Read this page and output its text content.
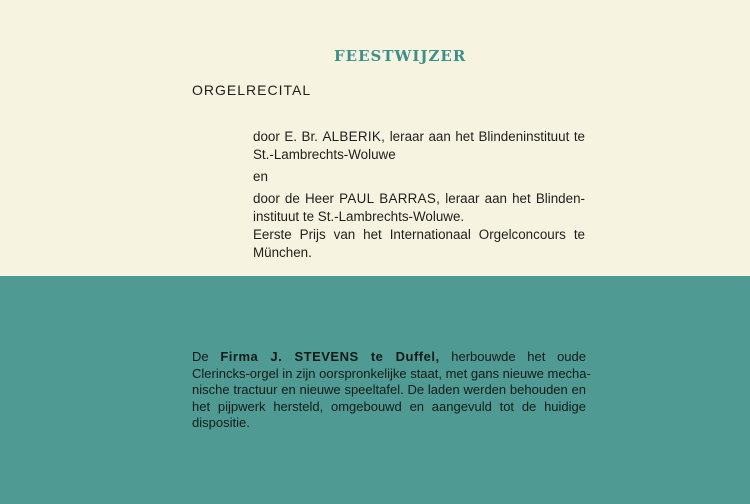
FEESTWIJZER
ORGELRECITAL
door E. Br. ALBERIK, leraar aan het Blindeninstituut te
St.-Lambrechts-Woluwe
en
door de Heer PAUL BARRAS, leraar aan het Blinden-
instituut te St.-Lambrechts-Woluwe.
Eerste Prijs van het Internationaal Orgelconcours te
München.
De Firma J. STEVENS te Duffel, herbouwde het oude
Clerincks-orgel in zijn oorspronkelijke staat, met gans nieuwe mecha-
nische tractuur en nieuwe speeltafel. De laden werden behouden en
het pijpwerk hersteld, omgebouwd en aangevuld tot de huidige
dispositie.
